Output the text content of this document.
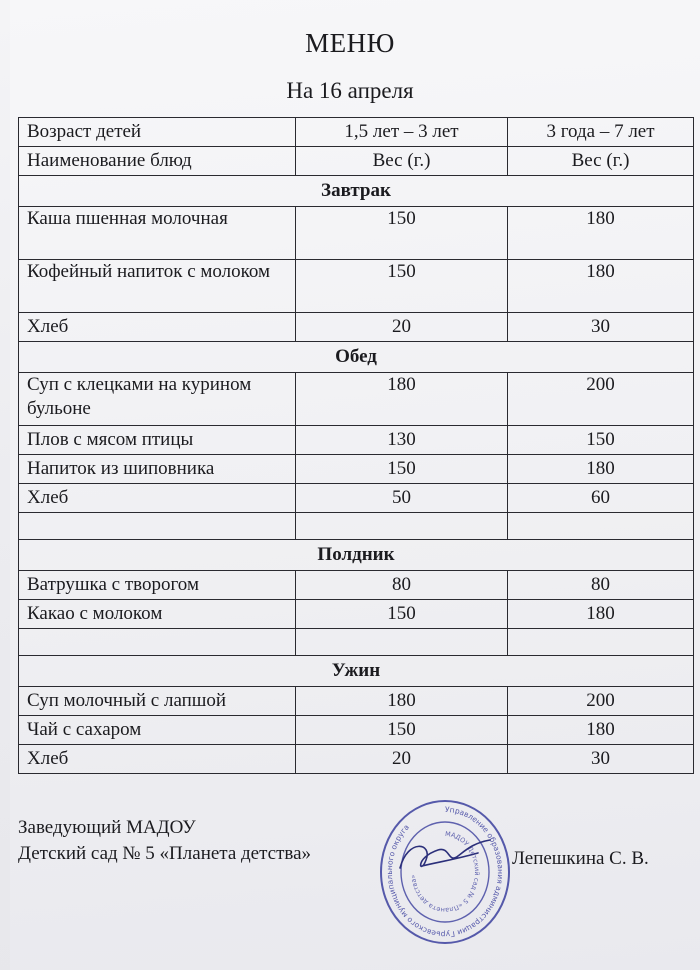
МЕНЮ
На 16 апреля
Возраст детей	1,5 лет – 3 лет	3 года – 7 лет
Наименование блюд	Вес (г.)	Вес (г.)
Завтрак		
Каша пшенная молочная	150	180
Кофейный напиток с молоком	150	180
Хлеб	20	30
Обед		
Суп с клецками на курином бульоне	180	200
Плов с мясом птицы	130	150
Напиток из шиповника	150	180
Хлеб	50	60

Полдник		
Ватрушка с творогом	80	80
Какао с молоком	150	180

Ужин		
Суп молочный с лапшой	180	200
Чай с сахаром	150	180
Хлеб	20	30
Заведующий МАДОУ
Детский сад № 5 «Планета детства»
Управление образования администрации Гурьевского муниципального округа
МАДОУ Детский сад № 5 «Планета детства»
Лепешкина С. В.
